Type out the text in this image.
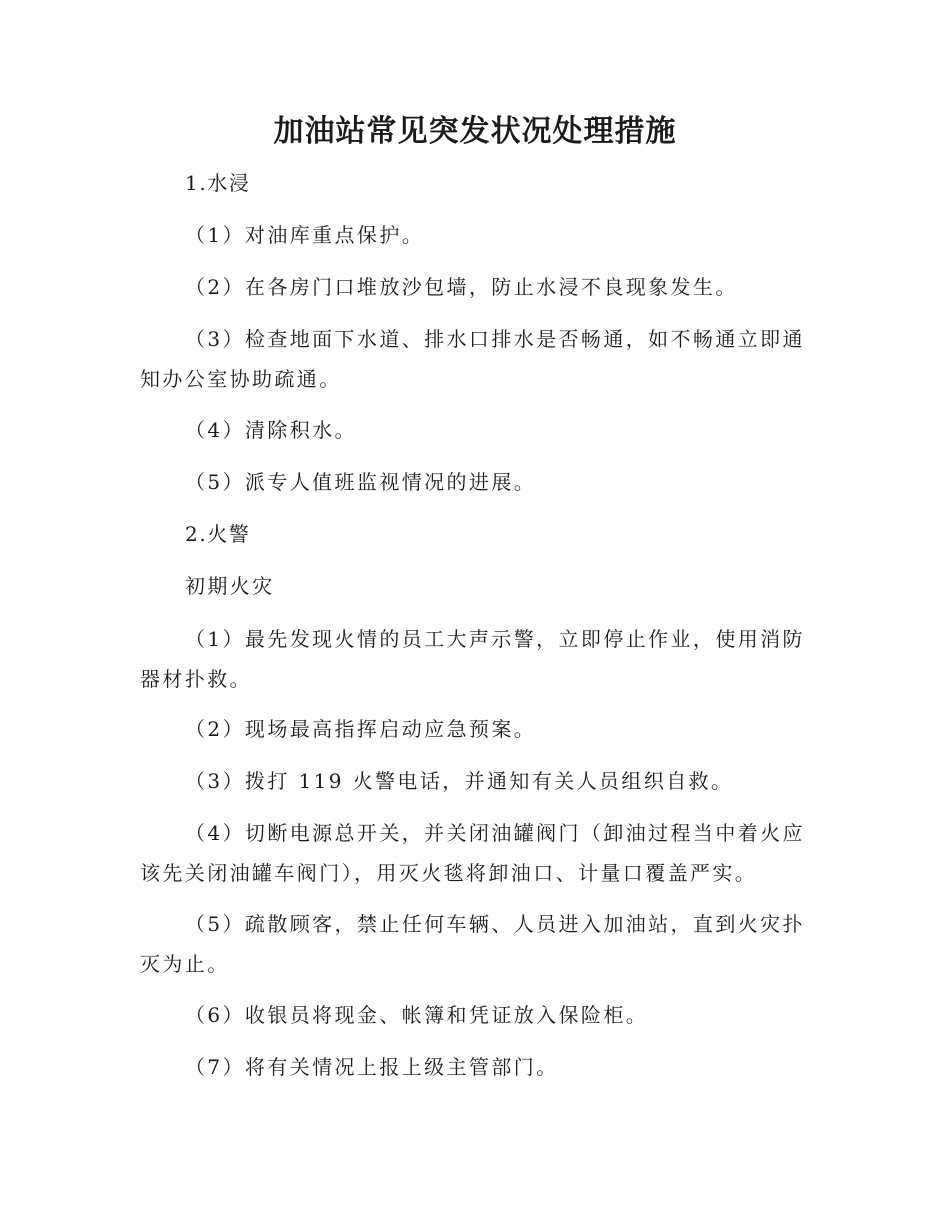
加油站常见突发状况处理措施

1.水浸

（1）对油库重点保护。

（2）在各房门口堆放沙包墙，防止水浸不良现象发生。

（3）检查地面下水道、排水口排水是否畅通，如不畅通立即通知办公室协助疏通。

（4）清除积水。

（5）派专人值班监视情况的进展。

2.火警

初期火灾

（1）最先发现火情的员工大声示警，立即停止作业，使用消防器材扑救。

（2）现场最高指挥启动应急预案。

（3）拨打 119 火警电话，并通知有关人员组织自救。

（4）切断电源总开关，并关闭油罐阀门（卸油过程当中着火应该先关闭油罐车阀门），用灭火毯将卸油口、计量口覆盖严实。

（5）疏散顾客，禁止任何车辆、人员进入加油站，直到火灾扑灭为止。

（6）收银员将现金、帐簿和凭证放入保险柜。

（7）将有关情况上报上级主管部门。
